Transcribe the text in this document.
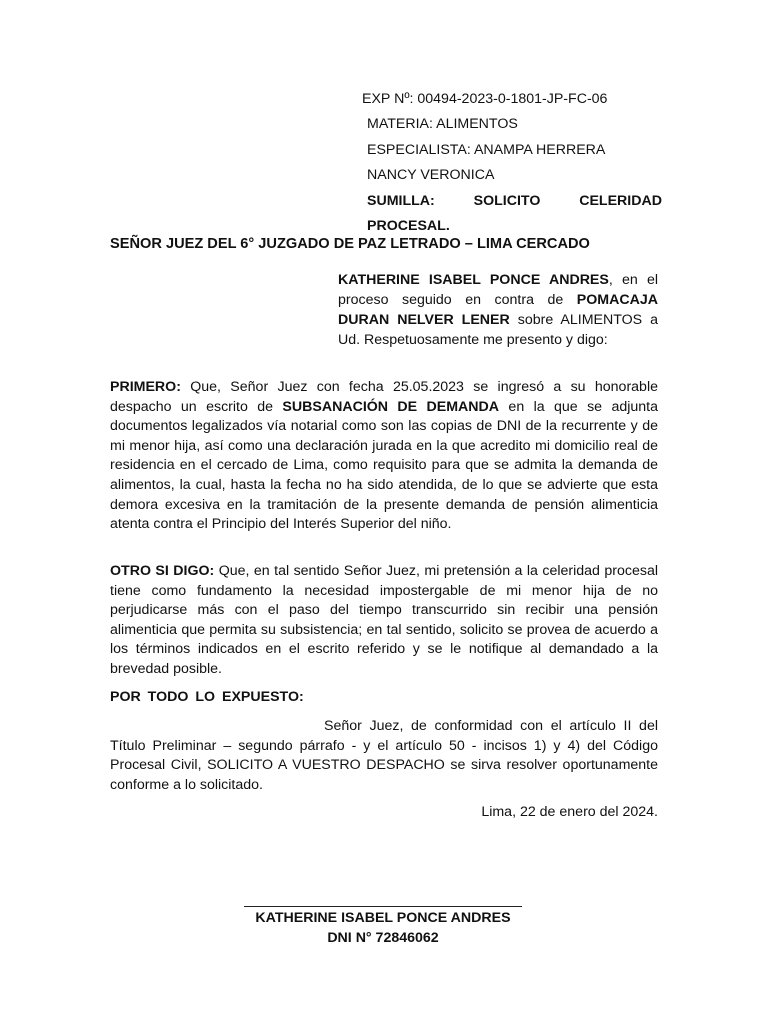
EXP Nº: 00494-2023-0-1801-JP-FC-06
MATERIA: ALIMENTOS
ESPECIALISTA: ANAMPA HERRERA
NANCY VERONICA
SUMILLA:	SOLICITO	CELERIDAD
PROCESAL.
SEÑOR JUEZ DEL 6° JUZGADO DE PAZ LETRADO – LIMA CERCADO
KATHERINE ISABEL PONCE ANDRES, en el proceso seguido en contra de POMACAJA DURAN NELVER LENER sobre ALIMENTOS a Ud. Respetuosamente me presento y digo:
PRIMERO: Que, Señor Juez con fecha 25.05.2023 se ingresó a su honorable despacho un escrito de SUBSANACIÓN DE DEMANDA en la que se adjunta documentos legalizados vía notarial como son las copias de DNI de la recurrente y de mi menor hija, así como una declaración jurada en la que acredito mi domicilio real de residencia en el cercado de Lima, como requisito para que se admita la demanda de alimentos, la cual, hasta la fecha no ha sido atendida, de lo que se advierte que esta demora excesiva en la tramitación de la presente demanda de pensión alimenticia atenta contra el Principio del Interés Superior del niño.
OTRO SI DIGO: Que, en tal sentido Señor Juez, mi pretensión a la celeridad procesal tiene como fundamento la necesidad impostergable de mi menor hija de no perjudicarse más con el paso del tiempo transcurrido sin recibir una pensión alimenticia que permita su subsistencia; en tal sentido, solicito se provea de acuerdo a los términos indicados en el escrito referido y se le notifique al demandado a la brevedad posible.
POR TODO LO EXPUESTO:
Señor Juez, de conformidad con el artículo II del Título Preliminar – segundo párrafo - y el artículo 50 - incisos 1) y 4) del Código Procesal Civil, SOLICITO A VUESTRO DESPACHO se sirva resolver oportunamente conforme a lo solicitado.
Lima, 22 de enero del 2024.
KATHERINE ISABEL PONCE ANDRES
DNI N° 72846062
